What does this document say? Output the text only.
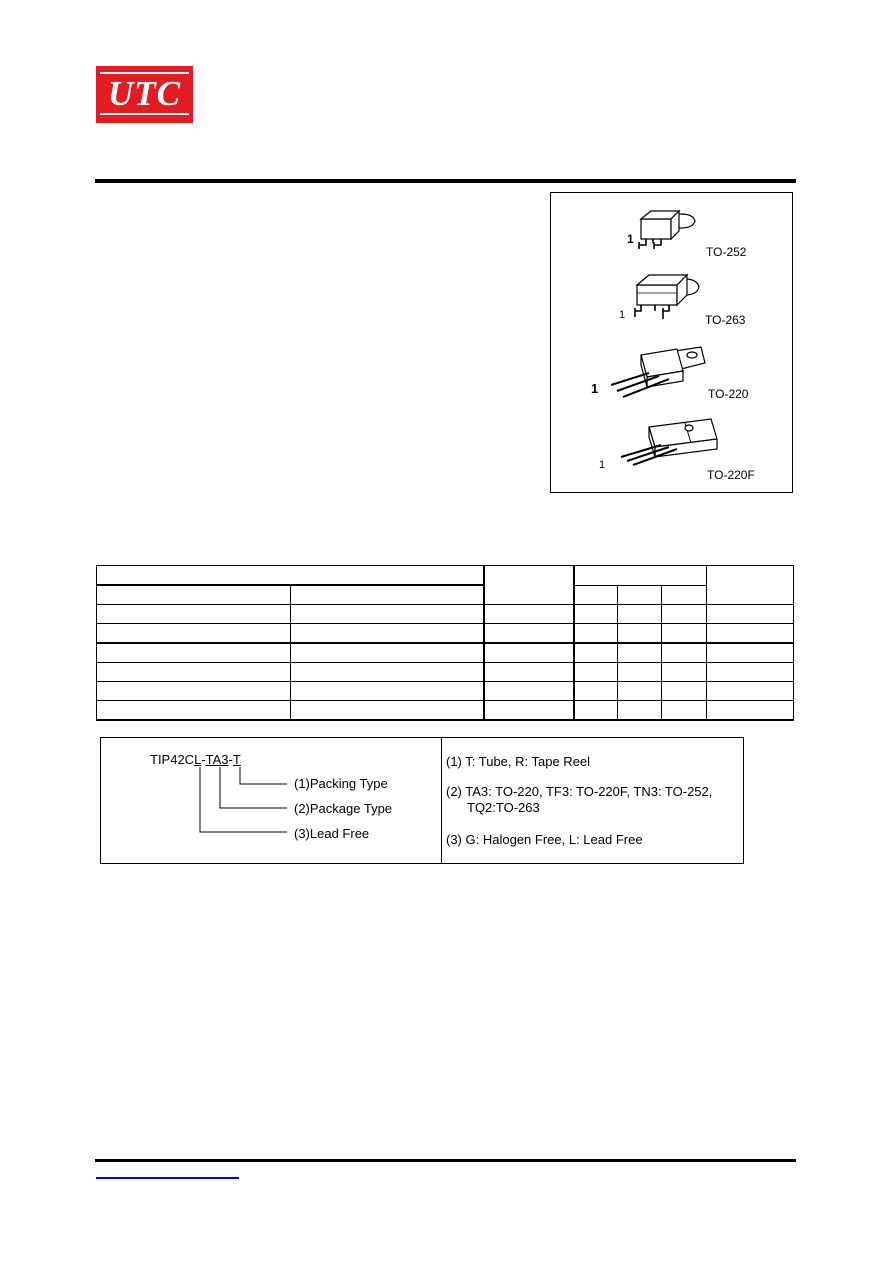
UTC
1
TO-252
1	TO-263
1	TO-220
1
TO-220F

TIP42CL-TA3-T
(1)Packing Type
(2)Package Type
(3)Lead Free
(1) T: Tube, R: Tape Reel
(2) TA3: TO-220, TF3: TO-220F, TN3: TO-252,
TQ2:TO-263
(3) G: Halogen Free, L: Lead Free
